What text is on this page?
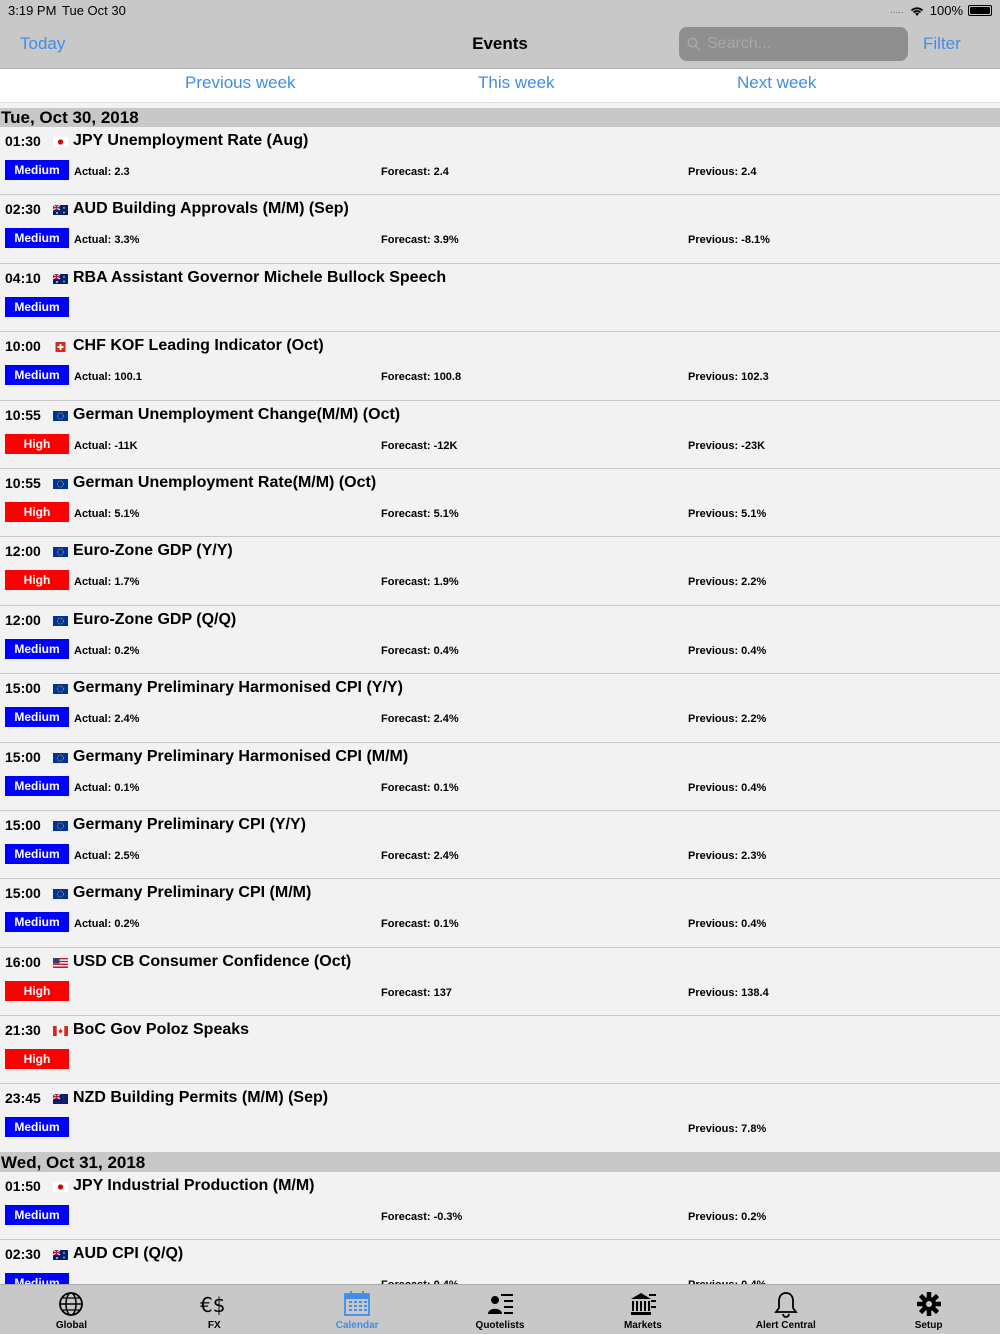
3:19 PM Tue Oct 30	..... 100%
Today	Events
Search...	Filter
Previous week	This week	Next week
Tue, Oct 30, 2018
01:30 JPY Unemployment Rate (Aug)
Medium	Actual: 2.3	Forecast: 2.4	Previous: 2.4
02:30 AUD Building Approvals (M/M) (Sep)
Medium	Actual: 3.3%	Forecast: 3.9%	Previous: -8.1%
04:10 RBA Assistant Governor Michele Bullock Speech
Medium
10:00 CHF KOF Leading Indicator (Oct)
Medium	Actual: 100.1	Forecast: 100.8	Previous: 102.3
10:55 German Unemployment Change(M/M) (Oct)
High	Actual: -11K	Forecast: -12K	Previous: -23K
10:55 German Unemployment Rate(M/M) (Oct)
High	Actual: 5.1%	Forecast: 5.1%	Previous: 5.1%
12:00 Euro-Zone GDP (Y/Y)
High	Actual: 1.7%	Forecast: 1.9%	Previous: 2.2%
12:00 Euro-Zone GDP (Q/Q)
Medium	Actual: 0.2%	Forecast: 0.4%	Previous: 0.4%
15:00 Germany Preliminary Harmonised CPI (Y/Y)
Medium	Actual: 2.4%	Forecast: 2.4%	Previous: 2.2%
15:00 Germany Preliminary Harmonised CPI (M/M)
Medium	Actual: 0.1%	Forecast: 0.1%	Previous: 0.4%
15:00 Germany Preliminary CPI (Y/Y)
Medium	Actual: 2.5%	Forecast: 2.4%	Previous: 2.3%
15:00 Germany Preliminary CPI (M/M)
Medium	Actual: 0.2%	Forecast: 0.1%	Previous: 0.4%
16:00 USD CB Consumer Confidence (Oct)
High	Forecast: 137	Previous: 138.4
21:30 BoC Gov Poloz Speaks
High
23:45 NZD Building Permits (M/M) (Sep)
Medium	Previous: 7.8%
Wed, Oct 31, 2018
01:50 JPY Industrial Production (M/M)
Medium	Forecast: -0.3%	Previous: 0.2%
02:30 AUD CPI (Q/Q)
Global
€$
FX	Calendar	Quotelists	Markets	Alert Central	Setup
